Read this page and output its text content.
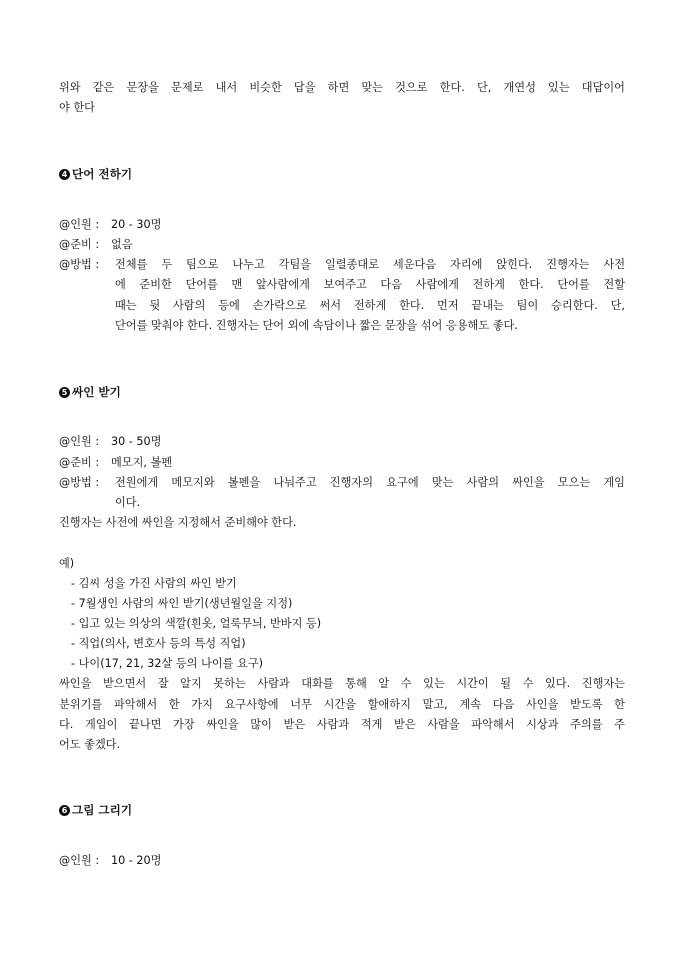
위와 같은 문장을 문제로 내서 비슷한 답을 하면 맞는 것으로 한다. 단, 개연성 있는 대답이어
야 한다
4 단어 전하기
@인원 : 20 - 30명
@준비 : 없음
@방법 : 전체를 두 팀으로 나누고 각팀을 일렬종대로 세운다음 자리에 앉힌다. 진행자는 사전
에 준비한 단어를 맨 앞사람에게 보여주고 다음 사람에게 전하게 한다. 단어를 전할
때는 뒷 사람의 등에 손가락으로 써서 전하게 한다. 먼저 끝내는 팀이 승리한다. 단,
단어를 맞춰야 한다. 진행자는 단어 외에 속담이나 짧은 문장을 섞어 응용해도 좋다.
5 싸인 받기
@인원 : 30 - 50명
@준비 : 메모지, 볼펜
@방법 : 전원에게 메모지와 볼펜을 나눠주고 진행자의 요구에 맞는 사람의 싸인을 모으는 게임
이다.
진행자는 사전에 싸인을 지정해서 준비해야 한다.
예)
- 김씨 성을 가진 사람의 싸인 받기
- 7월생인 사람의 싸인 받기(생년월일을 지정)
- 입고 있는 의상의 색깔(흰옷, 얼룩무늬, 반바지 등)
- 직업(의사, 변호사 등의 특성 직업)
- 나이(17, 21, 32살 등의 나이를 요구)
싸인을 받으면서 잘 알지 못하는 사람과 대화를 통해 알 수 있는 시간이 될 수 있다. 진행자는
분위기를 파악해서 한 가지 요구사항에 너무 시간을 할애하지 말고, 계속 다음 사인을 받도록 한
다. 게임이 끝나면 가장 싸인을 많이 받은 사람과 적게 받은 사람을 파악해서 시상과 주의를 주
어도 좋겠다.
6 그림 그리기
@인원 : 10 - 20명
